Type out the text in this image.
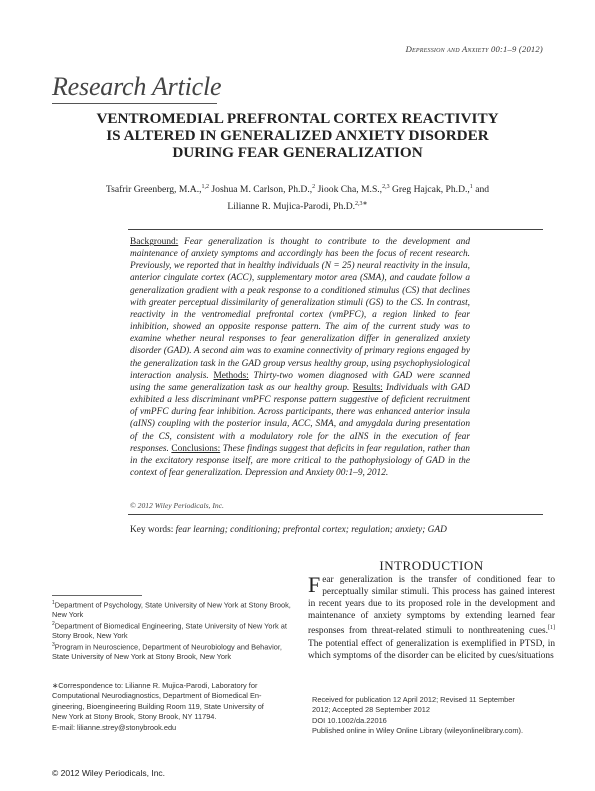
Depression and Anxiety 00:1–9 (2012)
Research Article
VENTROMEDIAL PREFRONTAL CORTEX REACTIVITY
IS ALTERED IN GENERALIZED ANXIETY DISORDER
DURING FEAR GENERALIZATION
Tsafrir Greenberg, M.A.,$^{1,2}$ Joshua M. Carlson, Ph.D.,$^2$ Jiook Cha, M.S.,$^{2,3}$ Greg Hajcak, Ph.D.,$^1$ and
Lilianne R. Mujica-Parodi, Ph.D.$^{2,3∗}$

Background: Fear generalization is thought to contribute to the development and maintenance of anxiety symptoms and accordingly has been the focus of recent research. Previously, we reported that in healthy individuals (N = 25) neural reactivity in the insula, anterior cingulate cortex (ACC), supplementary motor area (SMA), and caudate follow a generalization gradient with a peak response to a conditioned stimulus (CS) that declines with greater perceptual dissimilarity of generalization stimuli (GS) to the CS. In contrast, reactivity in the ventromedial prefrontal cortex (vmPFC), a region linked to fear inhibition, showed an opposite response pattern. The aim of the current study was to examine whether neural responses to fear generalization differ in generalized anxiety disorder (GAD). A second aim was to examine connectivity of primary regions engaged by the generalization task in the GAD group versus healthy group, using psychophysiological interaction analysis. Methods: Thirty-two women diagnosed with GAD were scanned using the same generalization task as our healthy group. Results: Individuals with GAD exhibited a less discriminant vmPFC response pattern suggestive of deficient recruitment of vmPFC during fear inhibition. Across participants, there was enhanced anterior insula (aINS) coupling with the posterior insula, ACC, SMA, and amygdala during presentation of the CS, consistent with a modulatory role for the aINS in the execution of fear responses. Conclusions: These findings suggest that deficits in fear regulation, rather than in the excitatory response itself, are more critical to the pathophysiology of GAD in the context of fear generalization. Depression and Anxiety 00:1–9, 2012.

© 2012 Wiley Periodicals, Inc.
Key words: fear learning; conditioning; prefrontal cortex; regulation; anxiety; GAD
INTRODUCTION
Fear generalization is the transfer of conditioned fear to perceptually similar stimuli. This process has gained interest in recent years due to its proposed role in the development and maintenance of anxiety symptoms by extending learned fear responses from threat-related stimuli to nonthreatening cues.[1] The potential effect of generalization is exemplified in PTSD, in which symptoms of the disorder can be elicited by cues/situations
$^1$Department of Psychology, State University of New York at Stony Brook, New York
$^2$Department of Biomedical Engineering, State University of New York at Stony Brook, New York
$^3$Program in Neuroscience, Department of Neurobiology and Behavior, State University of New York at Stony Brook, New York
∗Correspondence to: Lilianne R. Mujica-Parodi, Laboratory for
Computational Neurodiagnostics, Department of Biomedical En-
gineering, Bioengineering Building Room 119, State University of
New York at Stony Brook, Stony Brook, NY 11794.
E-mail: lilianne.strey@stonybrook.edu
Received for publication 12 April 2012; Revised 11 September
2012; Accepted 28 September 2012
DOI 10.1002/da.22016
Published online in Wiley Online Library (wileyonlinelibrary.com).
© 2012 Wiley Periodicals, Inc.
